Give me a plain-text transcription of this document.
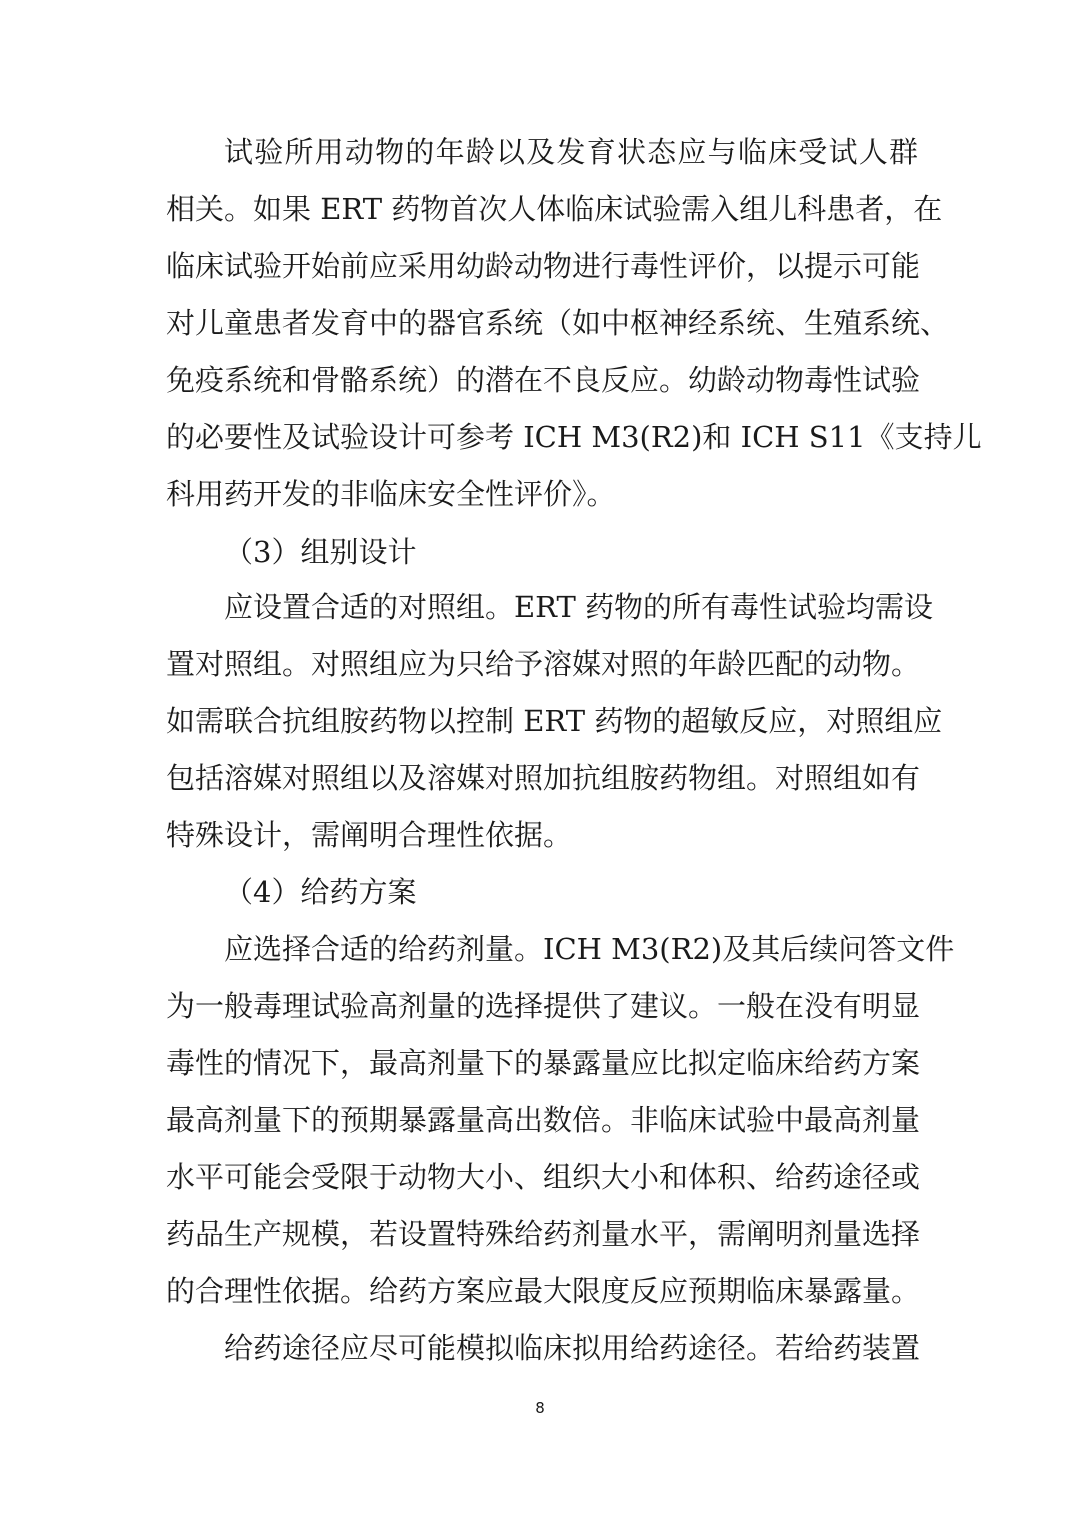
试验所用动物的年龄以及发育状态应与临床受试人群
相关。如果 ERT 药物首次人体临床试验需入组儿科患者，在
临床试验开始前应采用幼龄动物进行毒性评价，以提示可能
对儿童患者发育中的器官系统（如中枢神经系统、生殖系统、
免疫系统和骨骼系统）的潜在不良反应。幼龄动物毒性试验
的必要性及试验设计可参考 ICH M3(R2)和 ICH S11《支持儿
科用药开发的非临床安全性评价》。
（3）组别设计
应设置合适的对照组。ERT 药物的所有毒性试验均需设
置对照组。对照组应为只给予溶媒对照的年龄匹配的动物。
如需联合抗组胺药物以控制 ERT 药物的超敏反应，对照组应
包括溶媒对照组以及溶媒对照加抗组胺药物组。对照组如有
特殊设计，需阐明合理性依据。
（4）给药方案
应选择合适的给药剂量。ICH M3(R2)及其后续问答文件
为一般毒理试验高剂量的选择提供了建议。一般在没有明显
毒性的情况下，最高剂量下的暴露量应比拟定临床给药方案
最高剂量下的预期暴露量高出数倍。非临床试验中最高剂量
水平可能会受限于动物大小、组织大小和体积、给药途径或
药品生产规模，若设置特殊给药剂量水平，需阐明剂量选择
的合理性依据。给药方案应最大限度反应预期临床暴露量。
给药途径应尽可能模拟临床拟用给药途径。若给药装置
8
